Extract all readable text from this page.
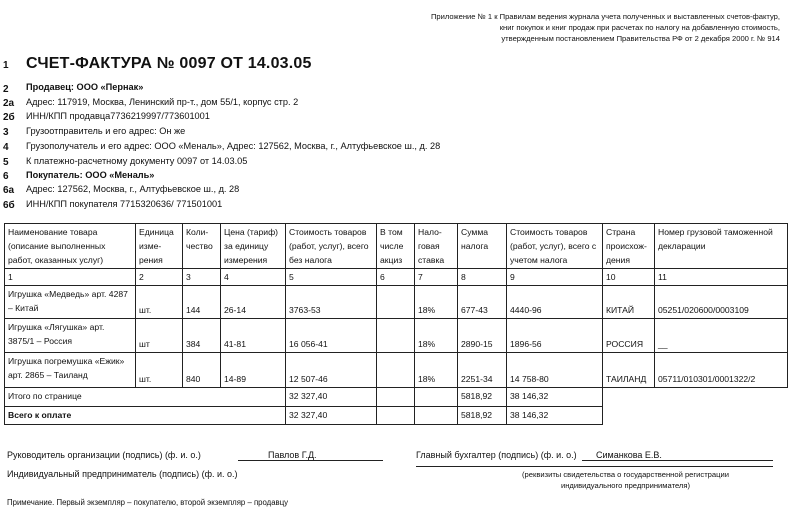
Приложение № 1 к Правилам ведения журнала учета полученных и выставленных счетов-фактур,
книг покупок и книг продаж при расчетах по налогу на добавленную стоимость,
утвержденным постановлением Правительства РФ от 2 декабря 2000 г. № 914
1
2
2а
2б
3
4
5
6
6а
6б
СЧЕТ-ФАКТУРА № 0097 ОТ 14.03.05
Продавец: ООО «Пернак»
Адрес: 117919, Москва, Ленинский пр-т., дом 55/1, корпус стр. 2
ИНН/КПП продавца7736219997/773601001
Грузоотправитель и его адрес: Он же
Грузополучатель и его адрес: ООО «Меналь», Адрес: 127562, Москва, г., Алтуфьевское ш., д. 28
К платежно-расчетному документу 0097 от 14.03.05
Покупатель: ООО «Меналь»
Адрес: 127562, Москва, г., Алтуфьевское ш., д. 28
ИНН/КПП покупателя 7715320636/ 771501001
Наименование товара (описание выполненных работ, оказанных услуг)	Единица изме-рения	Коли-чество	Цена (тариф) за единицу измерения	Стоимость товаров (работ, услуг), всего без налога	В том числе акциз	Нало-говая ставка	Сумма налога	Стоимость товаров (работ, услуг), всего с учетом налога	Страна происхож-дения	Номер грузовой таможенной декларации
1	2	3	4	5	6	7	8	9	10	11
Игрушка «Медведь» арт. 4287 – Китай	шт.	144	26-14	3763-53		18%	677-43	4440-96	КИТАЙ	05251/020600/0003109
Игрушка «Лягушка» арт. 3875/1 – Россия	шт	384	41-81	16 056-41		18%	2890-15	1896-56	РОССИЯ	__
Игрушка погремушка «Ежик» арт. 2865 – Таиланд	шт.	840	14-89	12 507-46		18%	2251-34	14 758-80	ТАИЛАНД	05711/010301/0001322/2
Итого по странице				32 327,40			5818,92	38 146,32		
Всего к оплате				32 327,40			5818,92	38 146,32		
Руководитель организации (подпись) (ф. и. о.)	Павлов Г.Д.	Главный бухгалтер (подпись) (ф. и. о.) Симанкова Е.В.
Индивидуальный предприниматель (подпись) (ф. и. о.)	(реквизиты свидетельства о государственной регистрации индивидуального предпринимателя)
Примечание. Первый экземпляр – покупателю, второй экземпляр – продавцу
